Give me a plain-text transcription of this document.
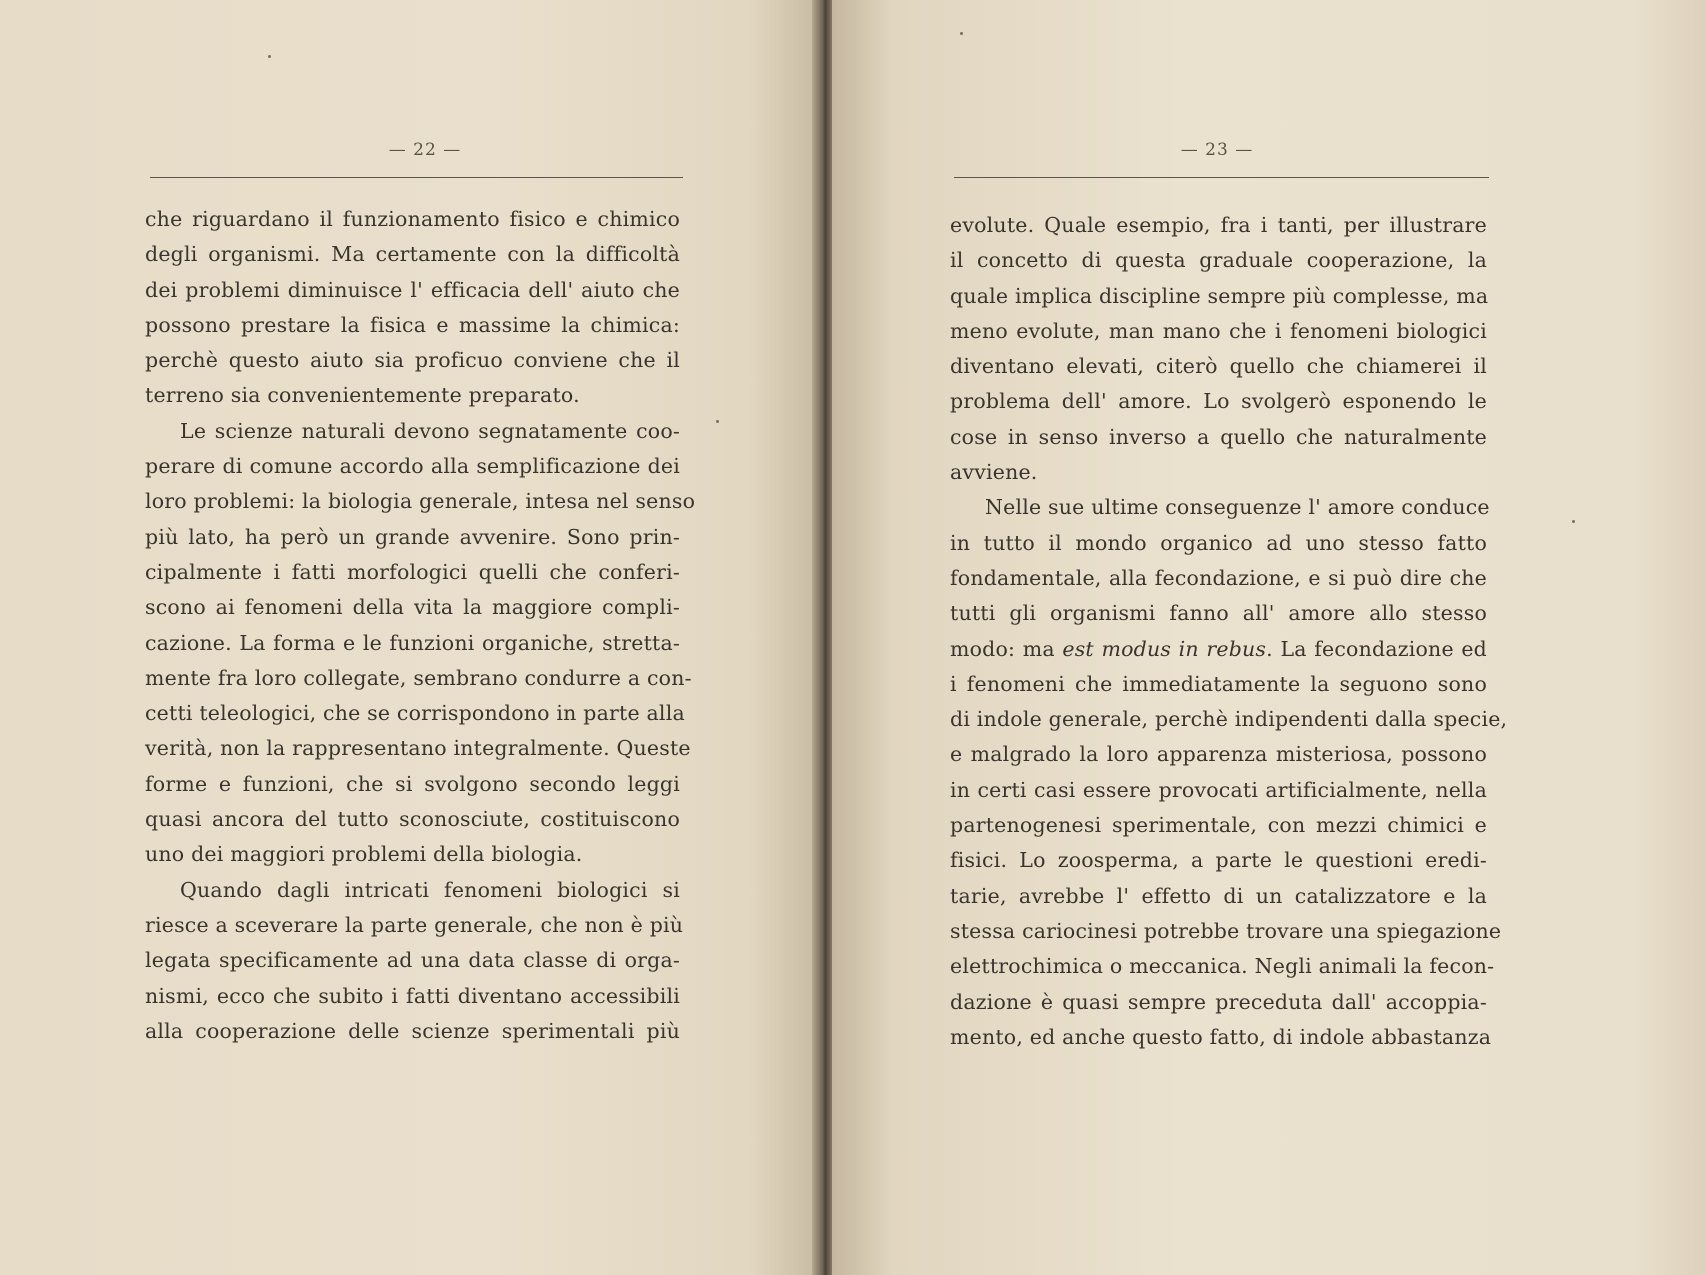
— 22 —
che riguardano il funzionamento fisico e chimico
degli organismi. Ma certamente con la difficoltà
dei problemi diminuisce l' efficacia dell' aiuto che
possono prestare la fisica e massime la chimica:
perchè questo aiuto sia proficuo conviene che il
terreno sia convenientemente preparato.
Le scienze naturali devono segnatamente coo-
perare di comune accordo alla semplificazione dei
loro problemi: la biologia generale, intesa nel senso
più lato, ha però un grande avvenire. Sono prin-
cipalmente i fatti morfologici quelli che conferi-
scono ai fenomeni della vita la maggiore compli-
cazione. La forma e le funzioni organiche, stretta-
mente fra loro collegate, sembrano condurre a con-
cetti teleologici, che se corrispondono in parte alla
verità, non la rappresentano integralmente. Queste
forme e funzioni, che si svolgono secondo leggi
quasi ancora del tutto sconosciute, costituiscono
uno dei maggiori problemi della biologia.
Quando dagli intricati fenomeni biologici si
riesce a sceverare la parte generale, che non è più
legata specificamente ad una data classe di orga-
nismi, ecco che subito i fatti diventano accessibili
alla cooperazione delle scienze sperimentali più
— 23 —
evolute. Quale esempio, fra i tanti, per illustrare
il concetto di questa graduale cooperazione, la
quale implica discipline sempre più complesse, ma
meno evolute, man mano che i fenomeni biologici
diventano elevati, citerò quello che chiamerei il
problema dell' amore. Lo svolgerò esponendo le
cose in senso inverso a quello che naturalmente
avviene.
Nelle sue ultime conseguenze l' amore conduce
in tutto il mondo organico ad uno stesso fatto
fondamentale, alla fecondazione, e si può dire che
tutti gli organismi fanno all' amore allo stesso
modo: ma est modus in rebus. La fecondazione ed
i fenomeni che immediatamente la seguono sono
di indole generale, perchè indipendenti dalla specie,
e malgrado la loro apparenza misteriosa, possono
in certi casi essere provocati artificialmente, nella
partenogenesi sperimentale, con mezzi chimici e
fisici. Lo zoosperma, a parte le questioni eredi-
tarie, avrebbe l' effetto di un catalizzatore e la
stessa cariocinesi potrebbe trovare una spiegazione
elettrochimica o meccanica. Negli animali la fecon-
dazione è quasi sempre preceduta dall' accoppia-
mento, ed anche questo fatto, di indole abbastanza
